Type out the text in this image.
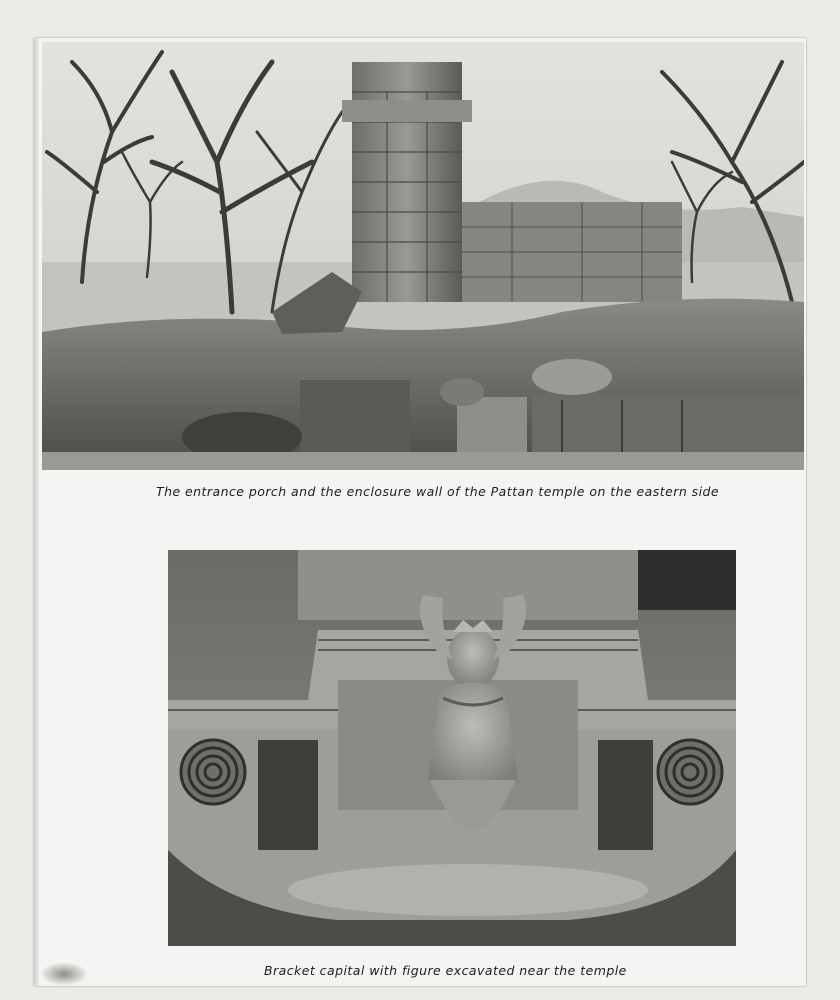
The entrance porch and the enclosure wall of the Pattan temple on the eastern side
Bracket capital with figure excavated near the temple
